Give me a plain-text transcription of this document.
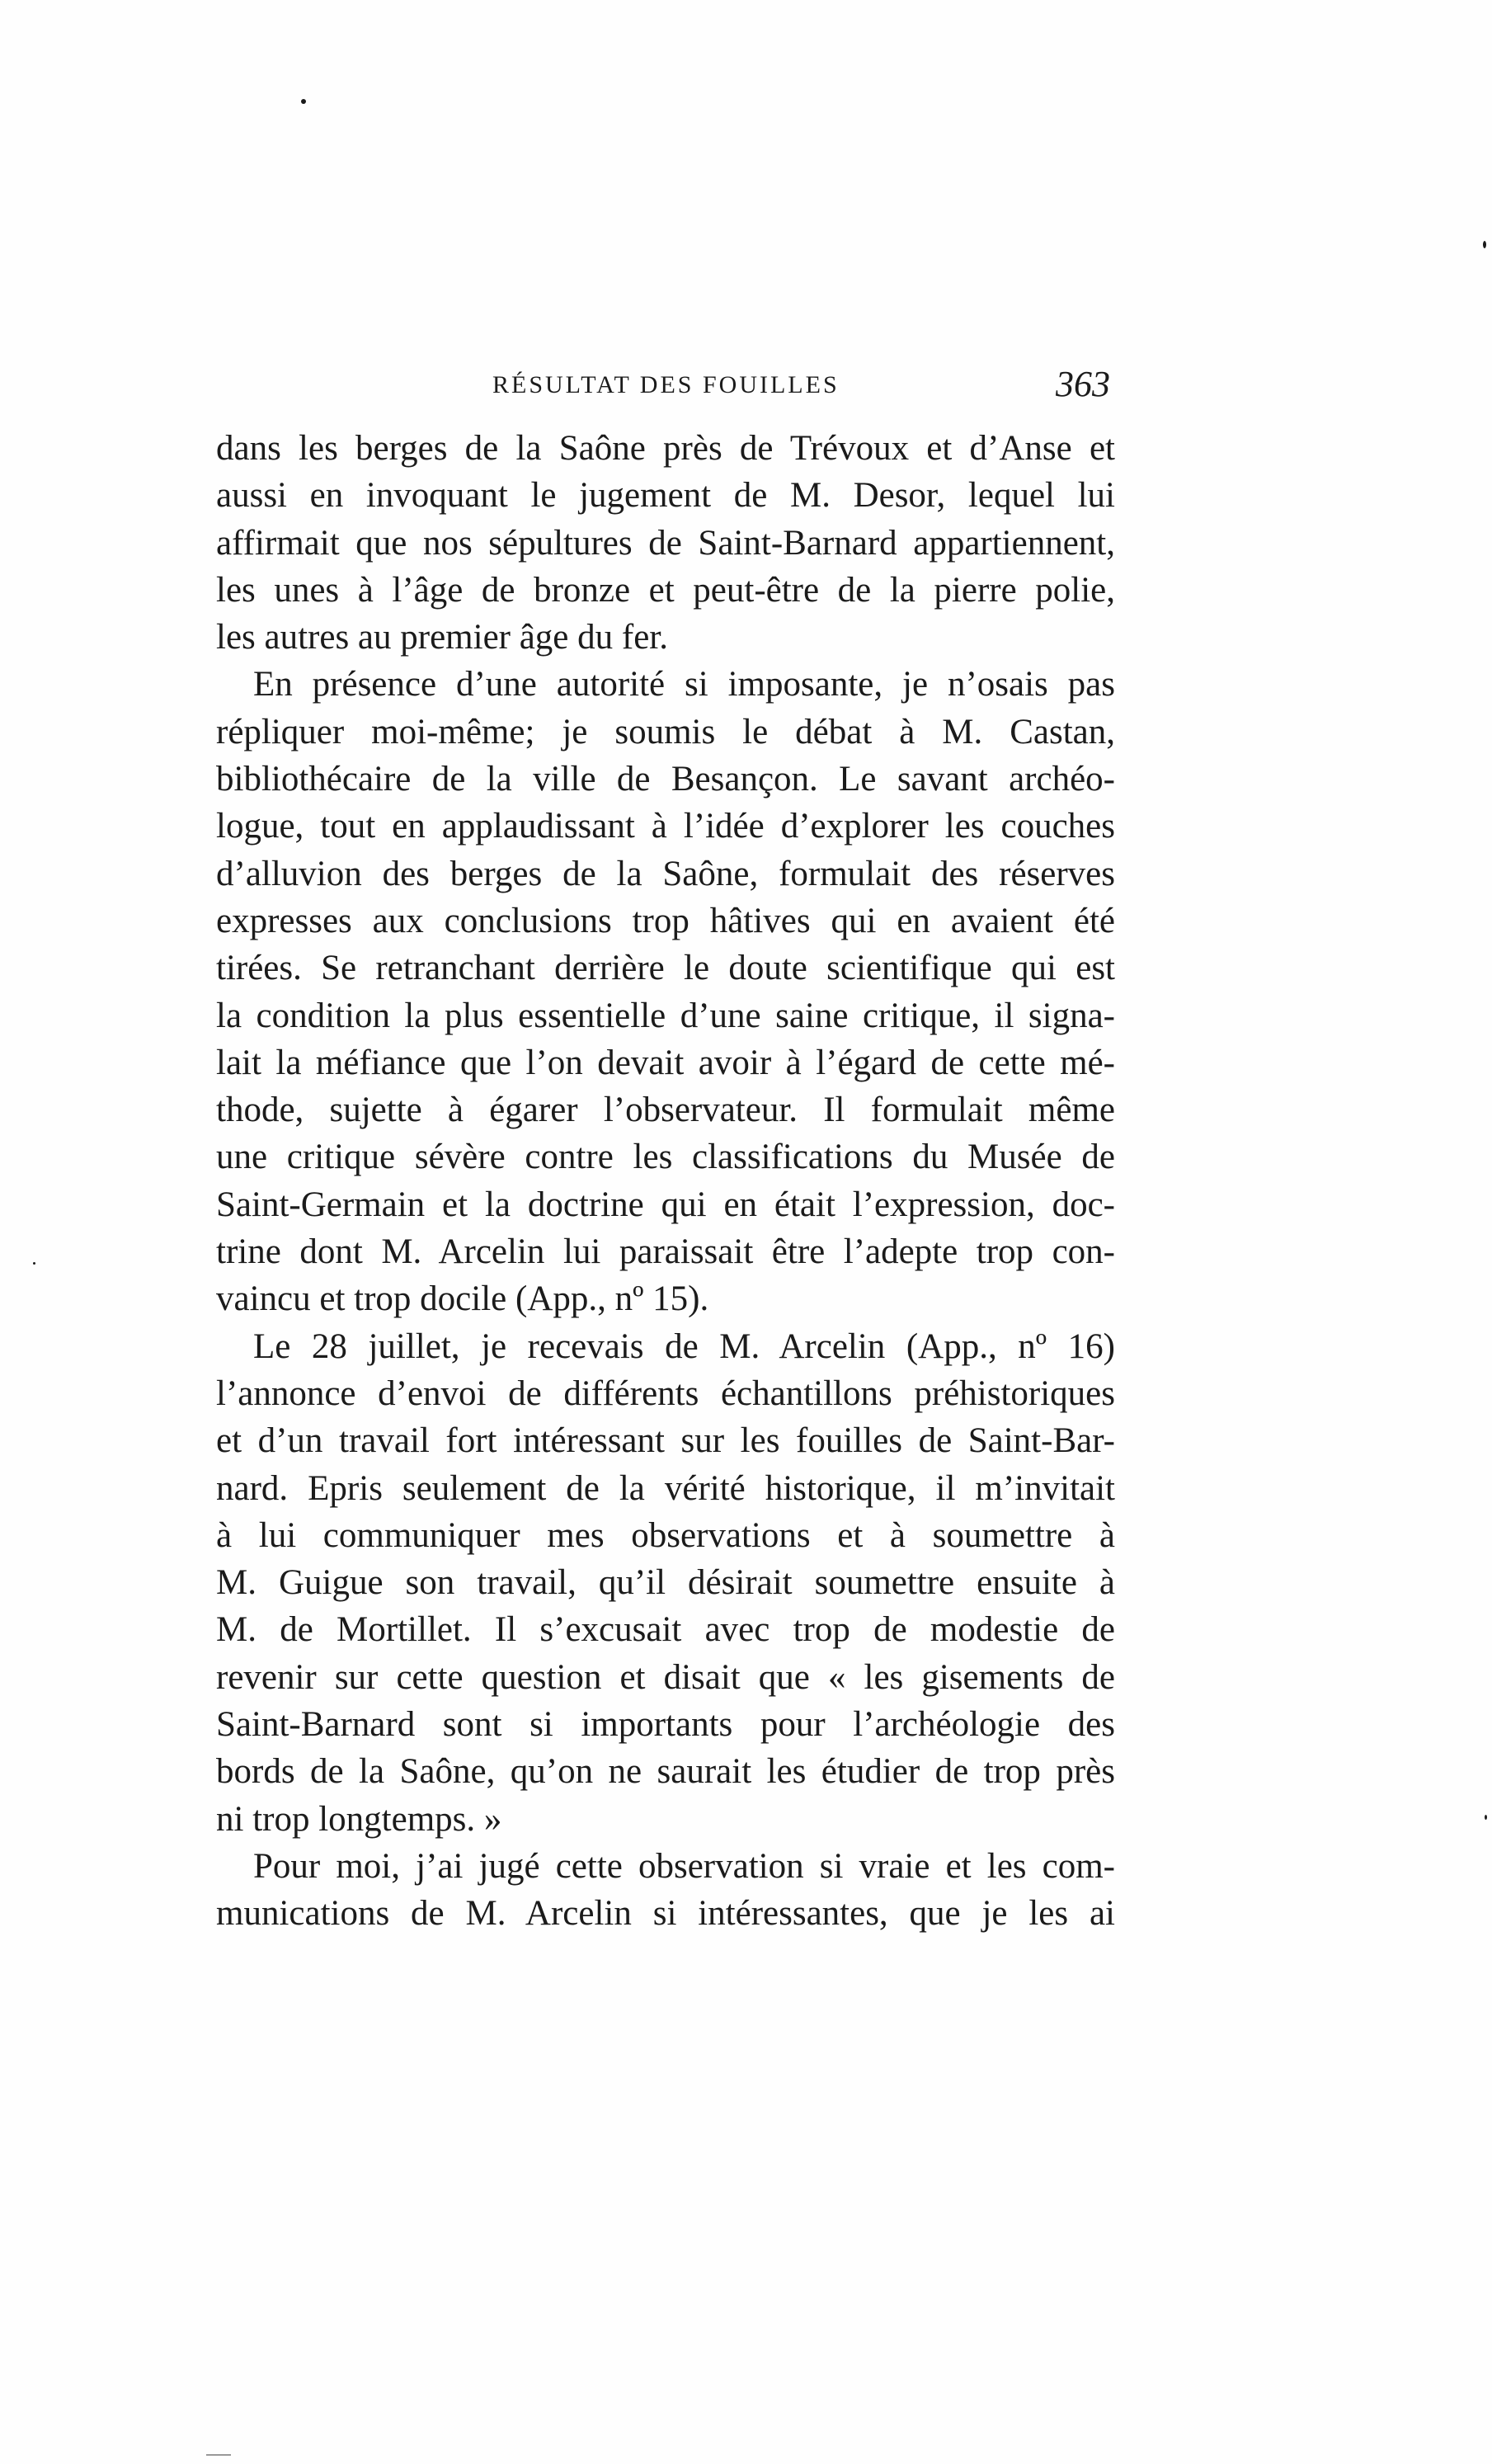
RÉSULTAT DES FOUILLES	363
dans les berges de la Saône près de Trévoux et d’Anse et
aussi en invoquant le jugement de M. Desor, lequel lui
affirmait que nos sépultures de Saint-Barnard appartiennent,
les unes à l’âge de bronze et peut-être de la pierre polie,
les autres au premier âge du fer.
En présence d’une autorité si imposante, je n’osais pas
répliquer moi-même; je soumis le débat à M. Castan,
bibliothécaire de la ville de Besançon. Le savant archéo-
logue, tout en applaudissant à l’idée d’explorer les couches
d’alluvion des berges de la Saône, formulait des réserves
expresses aux conclusions trop hâtives qui en avaient été
tirées. Se retranchant derrière le doute scientifique qui est
la condition la plus essentielle d’une saine critique, il signa-
lait la méfiance que l’on devait avoir à l’égard de cette mé-
thode, sujette à égarer l’observateur. Il formulait même
une critique sévère contre les classifications du Musée de
Saint-Germain et la doctrine qui en était l’expression, doc-
trine dont M. Arcelin lui paraissait être l’adepte trop con-
vaincu et trop docile (App., nº 15).
Le 28 juillet, je recevais de M. Arcelin (App., nº 16)
l’annonce d’envoi de différents échantillons préhistoriques
et d’un travail fort intéressant sur les fouilles de Saint-Bar-
nard. Epris seulement de la vérité historique, il m’invitait
à lui communiquer mes observations et à soumettre à
M. Guigue son travail, qu’il désirait soumettre ensuite à
M. de Mortillet. Il s’excusait avec trop de modestie de
revenir sur cette question et disait que « les gisements de
Saint-Barnard sont si importants pour l’archéologie des
bords de la Saône, qu’on ne saurait les étudier de trop près
ni trop longtemps. »
Pour moi, j’ai jugé cette observation si vraie et les com-
munications de M. Arcelin si intéressantes, que je les ai
